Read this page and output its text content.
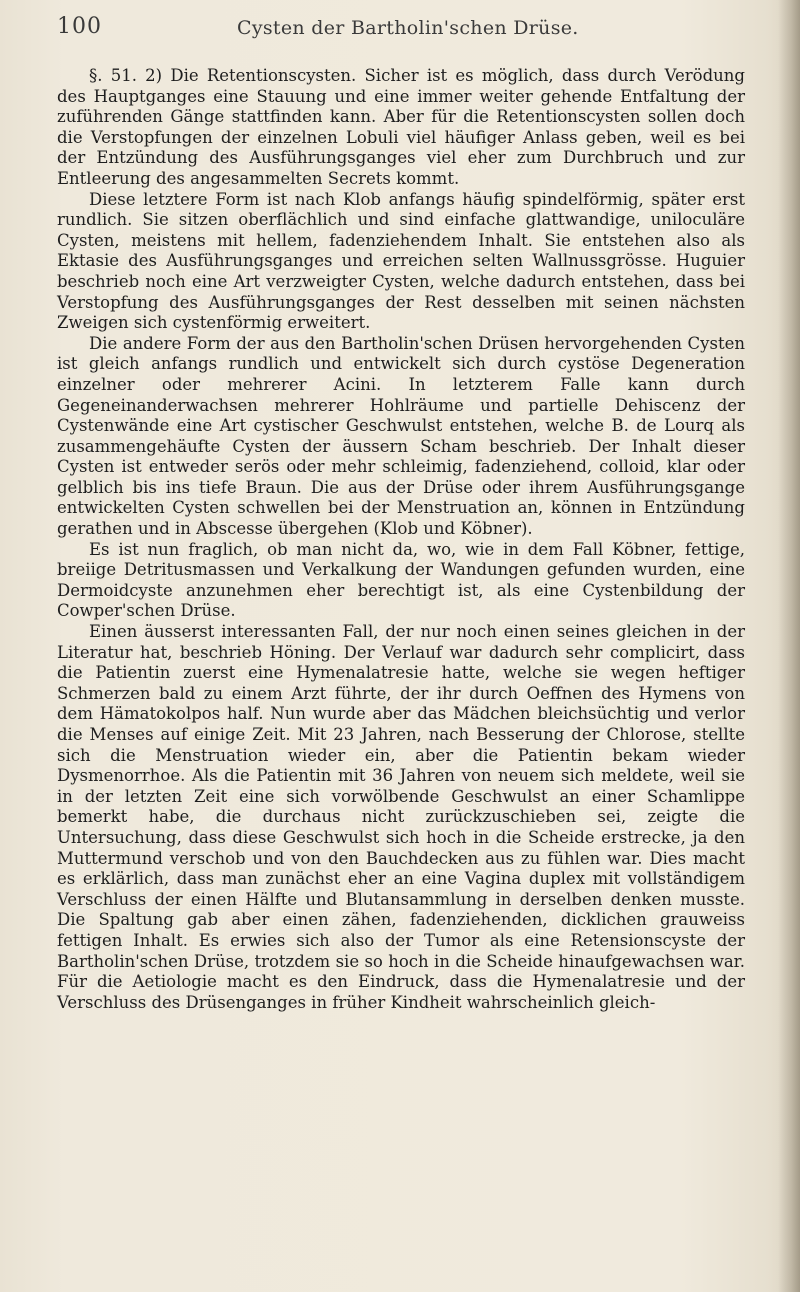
100	Cysten der Bartholin'schen Drüse.

§. 51. 2) Die Retentionscysten. Sicher ist es möglich, dass durch Verödung des Hauptganges eine Stauung und eine immer weiter gehende Entfaltung der zuführenden Gänge stattfinden kann. Aber für die Retentionscysten sollen doch die Verstopfungen der einzelnen Lobuli viel häufiger Anlass geben, weil es bei der Entzündung des Ausführungsganges viel eher zum Durchbruch und zur Entleerung des angesammelten Secrets kommt.

Diese letztere Form ist nach Klob anfangs häufig spindelförmig, später erst rundlich. Sie sitzen oberflächlich und sind einfache glattwandige, uniloculäre Cysten, meistens mit hellem, fadenziehendem Inhalt. Sie entstehen also als Ektasie des Ausführungsganges und erreichen selten Wallnussgrösse. Huguier beschrieb noch eine Art verzweigter Cysten, welche dadurch entstehen, dass bei Verstopfung des Ausführungsganges der Rest desselben mit seinen nächsten Zweigen sich cystenförmig erweitert.

Die andere Form der aus den Bartholin'schen Drüsen hervorgehenden Cysten ist gleich anfangs rundlich und entwickelt sich durch cystöse Degeneration einzelner oder mehrerer Acini. In letzterem Falle kann durch Gegeneinanderwachsen mehrerer Hohlräume und partielle Dehiscenz der Cystenwände eine Art cystischer Geschwulst entstehen, welche B. de Lourq als zusammengehäufte Cysten der äussern Scham beschrieb. Der Inhalt dieser Cysten ist entweder serös oder mehr schleimig, fadenziehend, colloid, klar oder gelblich bis ins tiefe Braun. Die aus der Drüse oder ihrem Ausführungsgange entwickelten Cysten schwellen bei der Menstruation an, können in Entzündung gerathen und in Abscesse übergehen (Klob und Köbner).

Es ist nun fraglich, ob man nicht da, wo, wie in dem Fall Köbner, fettige, breiige Detritusmassen und Verkalkung der Wandungen gefunden wurden, eine Dermoidcyste anzunehmen eher berechtigt ist, als eine Cystenbildung der Cowper'schen Drüse.

Einen äusserst interessanten Fall, der nur noch einen seines gleichen in der Literatur hat, beschrieb Höning. Der Verlauf war dadurch sehr complicirt, dass die Patientin zuerst eine Hymenalatresie hatte, welche sie wegen heftiger Schmerzen bald zu einem Arzt führte, der ihr durch Oeffnen des Hymens von dem Hämatokolpos half. Nun wurde aber das Mädchen bleichsüchtig und verlor die Menses auf einige Zeit. Mit 23 Jahren, nach Besserung der Chlorose, stellte sich die Menstruation wieder ein, aber die Patientin bekam wieder Dysmenorrhoe. Als die Patientin mit 36 Jahren von neuem sich meldete, weil sie in der letzten Zeit eine sich vorwölbende Geschwulst an einer Schamlippe bemerkt habe, die durchaus nicht zurückzuschieben sei, zeigte die Untersuchung, dass diese Geschwulst sich hoch in die Scheide erstrecke, ja den Muttermund verschob und von den Bauchdecken aus zu fühlen war. Dies macht es erklärlich, dass man zunächst eher an eine Vagina duplex mit vollständigem Verschluss der einen Hälfte und Blutansammlung in derselben denken musste. Die Spaltung gab aber einen zähen, fadenziehenden, dicklichen grauweiss fettigen Inhalt. Es erwies sich also der Tumor als eine Retensionscyste der Bartholin'schen Drüse, trotzdem sie so hoch in die Scheide hinaufgewachsen war. Für die Aetiologie macht es den Eindruck, dass die Hymenalatresie und der Verschluss des Drüsenganges in früher Kindheit wahrscheinlich gleich-
